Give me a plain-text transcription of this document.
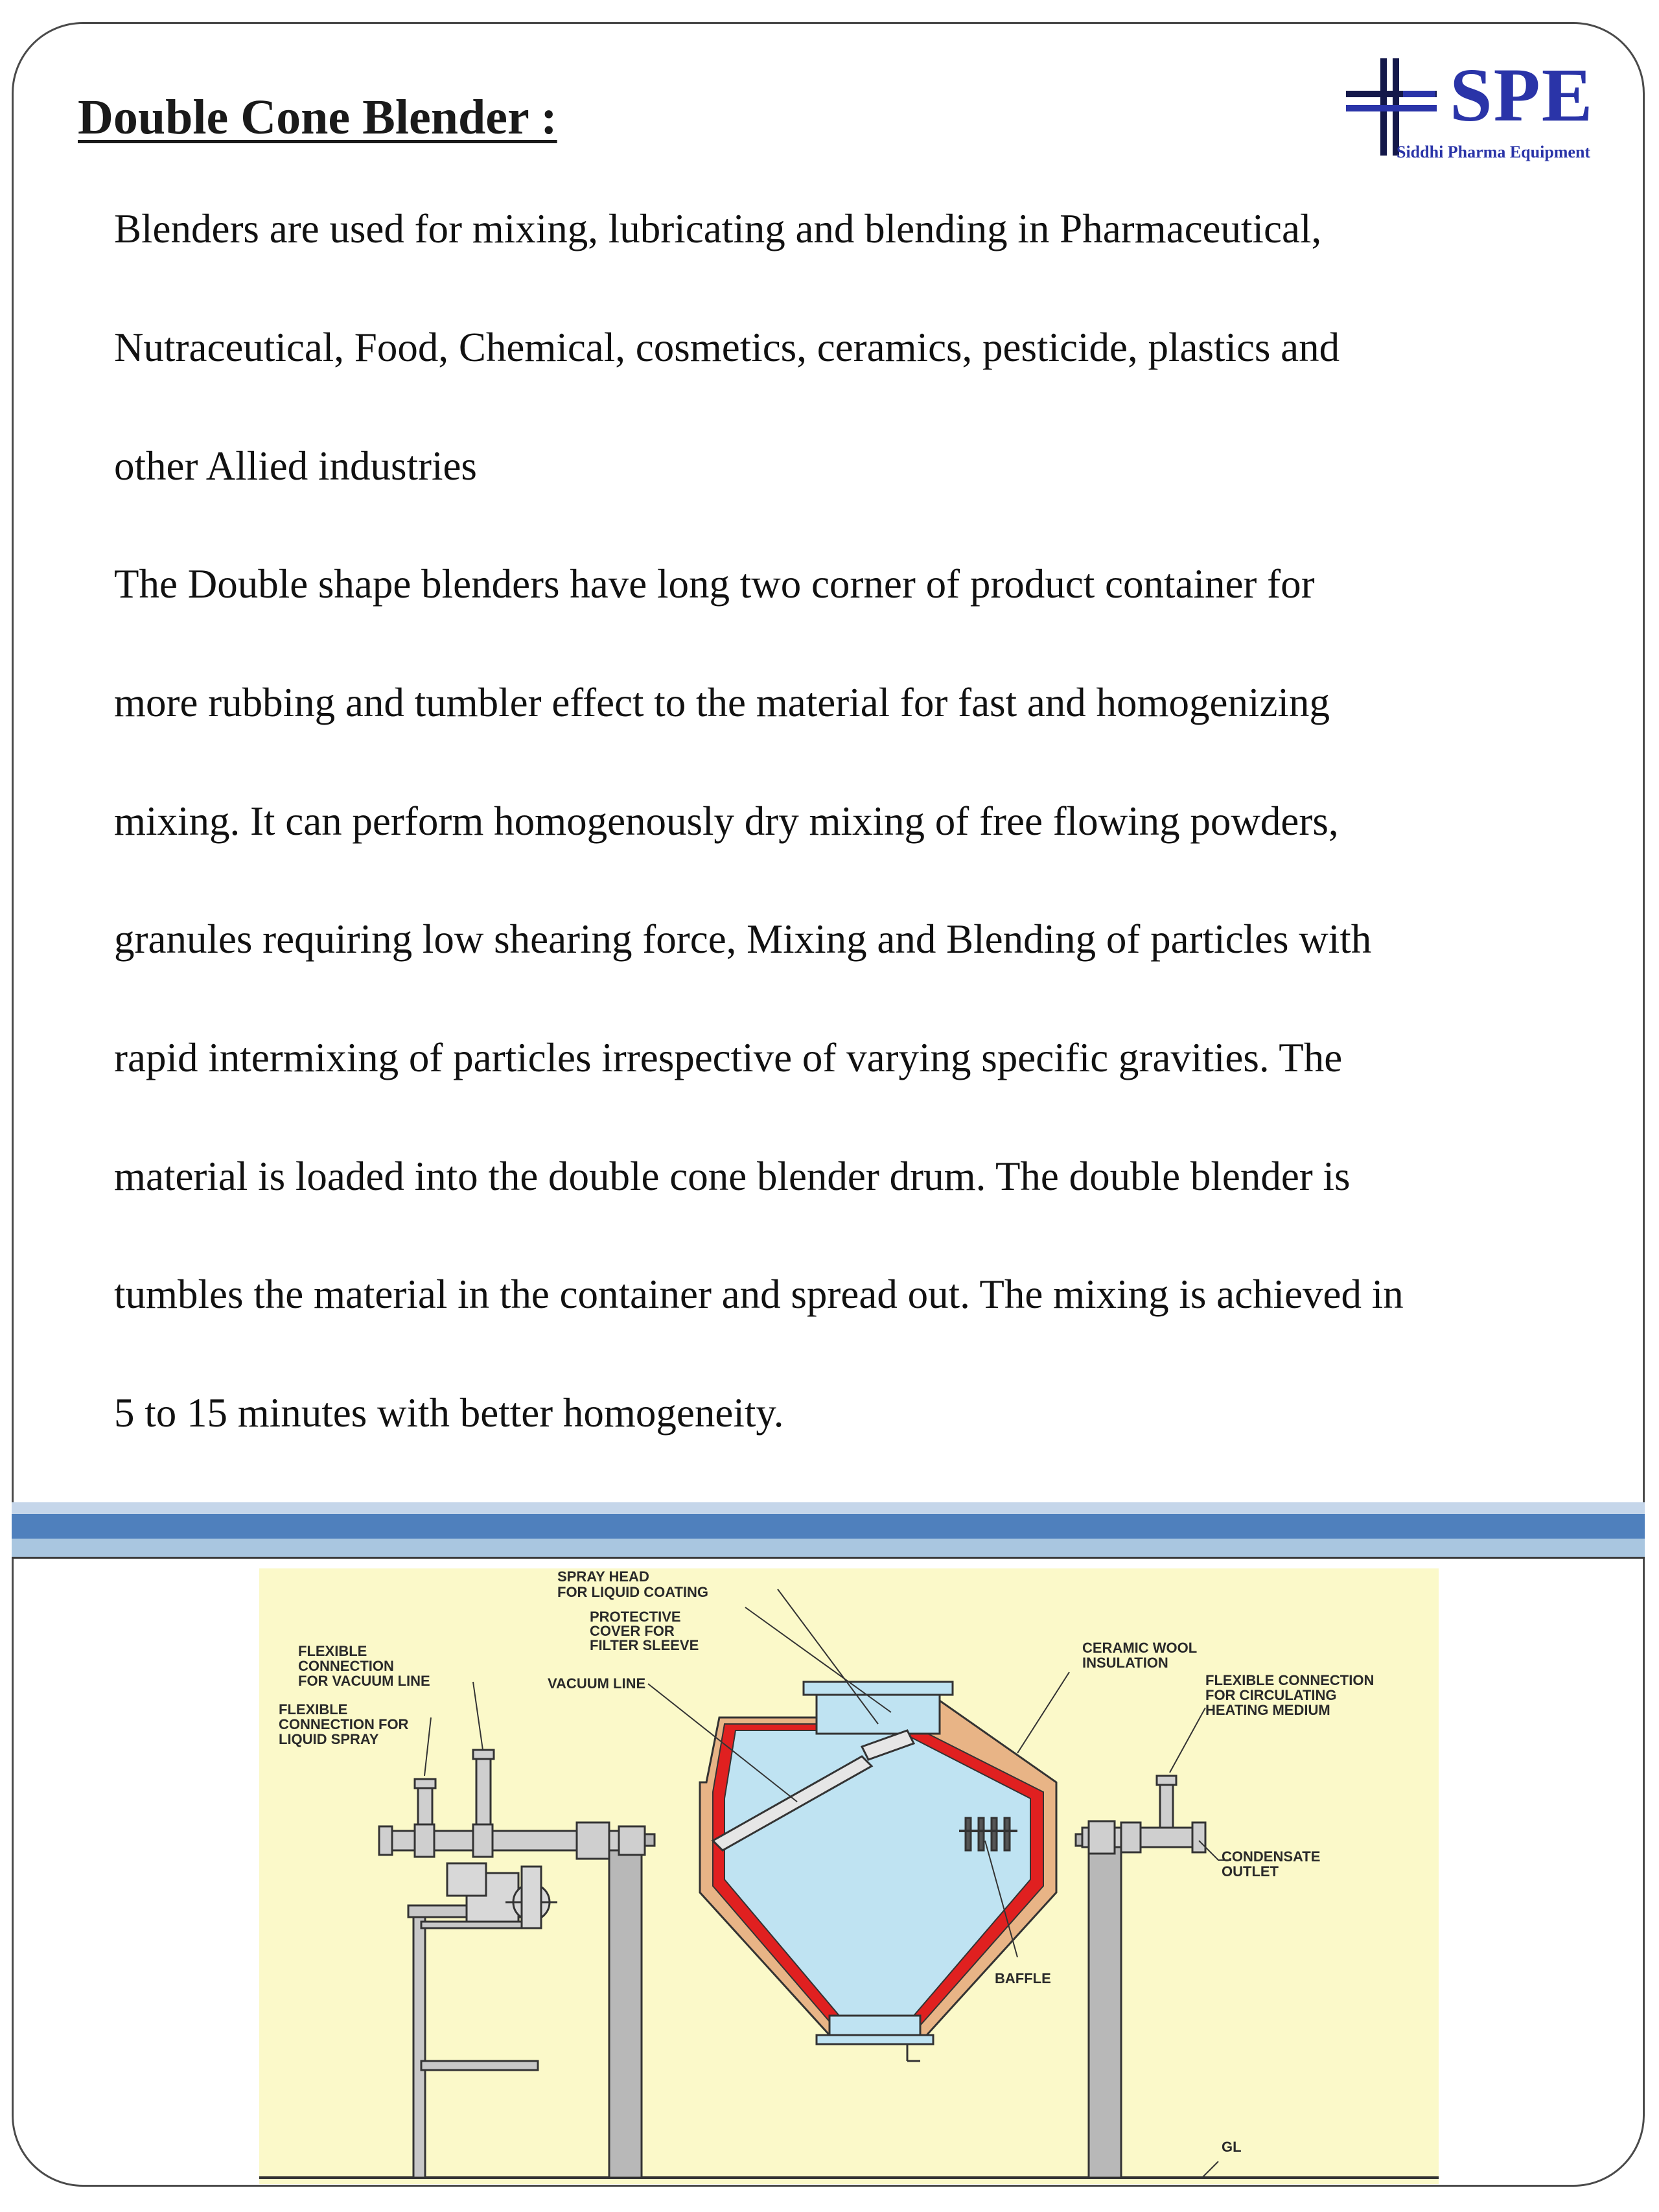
Double Cone Blender :	SPE
Siddhi Pharma Equipment

Blenders are used for mixing, lubricating and blending in Pharmaceutical,

Nutraceutical, Food, Chemical, cosmetics, ceramics, pesticide, plastics and

other Allied industries

The Double shape blenders have long two corner of product container for

more rubbing and tumbler effect to the material for fast and homogenizing

mixing. It can perform homogenously dry mixing of free flowing powders,

granules requiring low shearing force, Mixing and Blending of particles with

rapid intermixing of particles irrespective of varying specific gravities. The

material is loaded into the double cone blender drum. The double blender is

tumbles the material in the container and spread out. The mixing is achieved in

5 to 15 minutes with better homogeneity.

SPRAY HEAD
FOR LIQUID COATING
PROTECTIVE
COVER FOR
FILTER SLEEVE
FLEXIBLE
CONNECTION
FOR VACUUM LINE
FLEXIBLE
CONNECTION FOR
LIQUID SPRAY
VACUUM LINE
CERAMIC WOOL
INSULATION
FLEXIBLE CONNECTION
FOR CIRCULATING
HEATING MEDIUM
CONDENSATE
OUTLET
BAFFLE
GL
